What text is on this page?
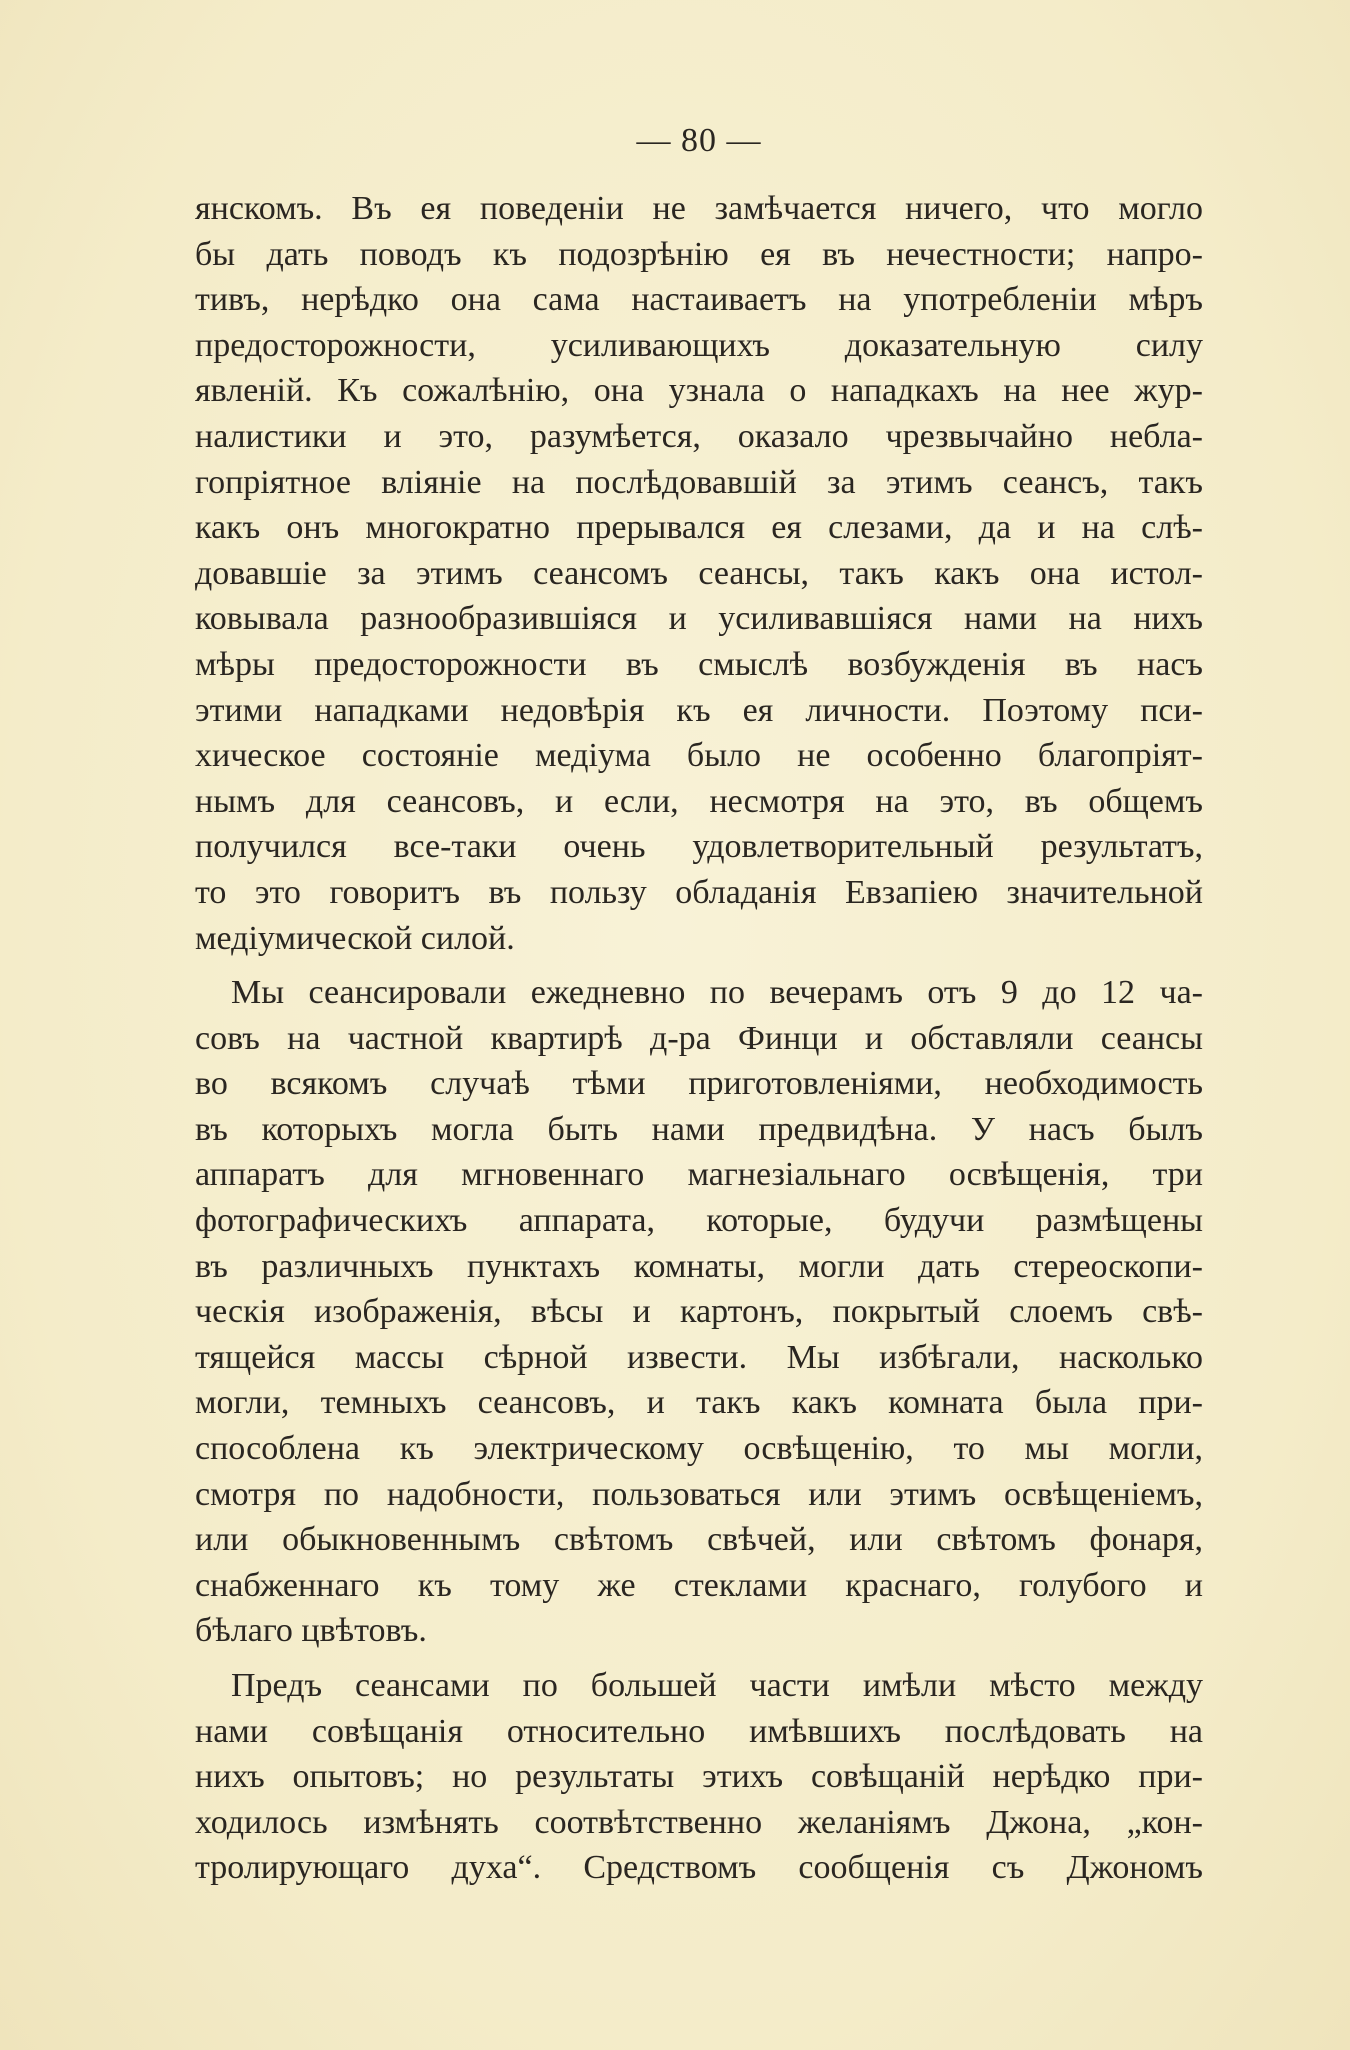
— 80 —
янскомъ. Въ ея поведенiи не замѣчается ничего, что могло
бы дать поводъ къ подозрѣнiю ея въ нечестности; напро-
тивъ, нерѣдко она сама настаиваетъ на употребленiи мѣръ
предосторожности, усиливающихъ доказательную силу
явленiй. Къ сожалѣнiю, она узнала о нападкахъ на нее жур-
налистики и это, разумѣется, оказало чрезвычайно небла-
гопрiятное влiянiе на послѣдовавшiй за этимъ сеансъ, такъ
какъ онъ многократно прерывался ея слезами, да и на слѣ-
довавшiе за этимъ сеансомъ сеансы, такъ какъ она истол-
ковывала разнообразившiяся и усиливавшiяся нами на нихъ
мѣры предосторожности въ смыслѣ возбужденiя въ насъ
этими нападками недовѣрiя къ ея личности. Поэтому пси-
хическое состоянiе медiума было не особенно благопрiят-
нымъ для сеансовъ, и если, несмотря на это, въ общемъ
получился все-таки очень удовлетворительный результатъ,
то это говоритъ въ пользу обладанiя Евзапiею значительной
медiумической силой.
Мы сеансировали ежедневно по вечерамъ отъ 9 до 12 ча-
совъ на частной квартирѣ д-ра Финци и обставляли сеансы
во всякомъ случаѣ тѣми приготовленiями, необходимость
въ которыхъ могла быть нами предвидѣна. У насъ былъ
аппаратъ для мгновеннаго магнезiальнаго освѣщенiя, три
фотографическихъ аппарата, которые, будучи размѣщены
въ различныхъ пунктахъ комнаты, могли дать стереоскопи-
ческiя изображенiя, вѣсы и картонъ, покрытый слоемъ свѣ-
тящейся массы сѣрной извести. Мы избѣгали, насколько
могли, темныхъ сеансовъ, и такъ какъ комната была при-
способлена къ электрическому освѣщенiю, то мы могли,
смотря по надобности, пользоваться или этимъ освѣщенiемъ,
или обыкновеннымъ свѣтомъ свѣчей, или свѣтомъ фонаря,
снабженнаго къ тому же стеклами краснаго, голубого и
бѣлаго цвѣтовъ.
Предъ сеансами по большей части имѣли мѣсто между
нами совѣщанiя относительно имѣвшихъ послѣдовать на
нихъ опытовъ; но результаты этихъ совѣщанiй нерѣдко при-
ходилось измѣнять соотвѣтственно желанiямъ Джона, „кон-
тролирующаго духа“. Средствомъ сообщенiя съ Джономъ
